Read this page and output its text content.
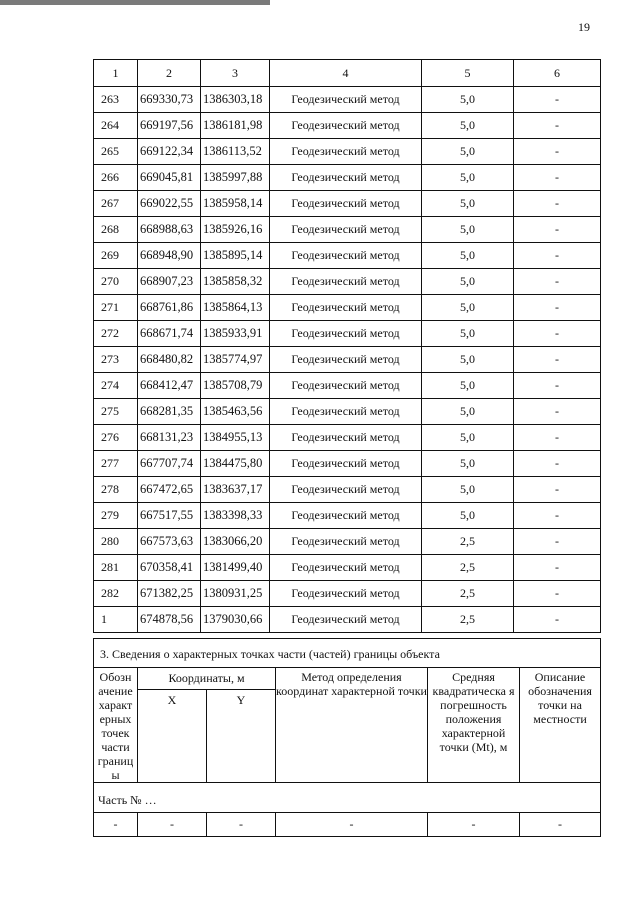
19
1	2	3	4	5	6
263	669330,73	1386303,18	Геодезический метод	5,0	-
264	669197,56	1386181,98	Геодезический метод	5,0	-
265	669122,34	1386113,52	Геодезический метод	5,0	-
266	669045,81	1385997,88	Геодезический метод	5,0	-
267	669022,55	1385958,14	Геодезический метод	5,0	-
268	668988,63	1385926,16	Геодезический метод	5,0	-
269	668948,90	1385895,14	Геодезический метод	5,0	-
270	668907,23	1385858,32	Геодезический метод	5,0	-
271	668761,86	1385864,13	Геодезический метод	5,0	-
272	668671,74	1385933,91	Геодезический метод	5,0	-
273	668480,82	1385774,97	Геодезический метод	5,0	-
274	668412,47	1385708,79	Геодезический метод	5,0	-
275	668281,35	1385463,56	Геодезический метод	5,0	-
276	668131,23	1384955,13	Геодезический метод	5,0	-
277	667707,74	1384475,80	Геодезический метод	5,0	-
278	667472,65	1383637,17	Геодезический метод	5,0	-
279	667517,55	1383398,33	Геодезический метод	5,0	-
280	667573,63	1383066,20	Геодезический метод	2,5	-
281	670358,41	1381499,40	Геодезический метод	2,5	-
282	671382,25	1380931,25	Геодезический метод	2,5	-
1	674878,56	1379030,66	Геодезический метод	2,5	-
3. Сведения о характерных точках части (частей) границы объекта					
Обозн ачение характ ерных точек части границ ы	Координаты, м		Метод определения координат характерной точки	Средняя квадратическа я погрешность положения характерной точки (Mt), м	Описание обозначения точки на местности
	X	Y			
Часть № …					
-	-	-	-	-	-
